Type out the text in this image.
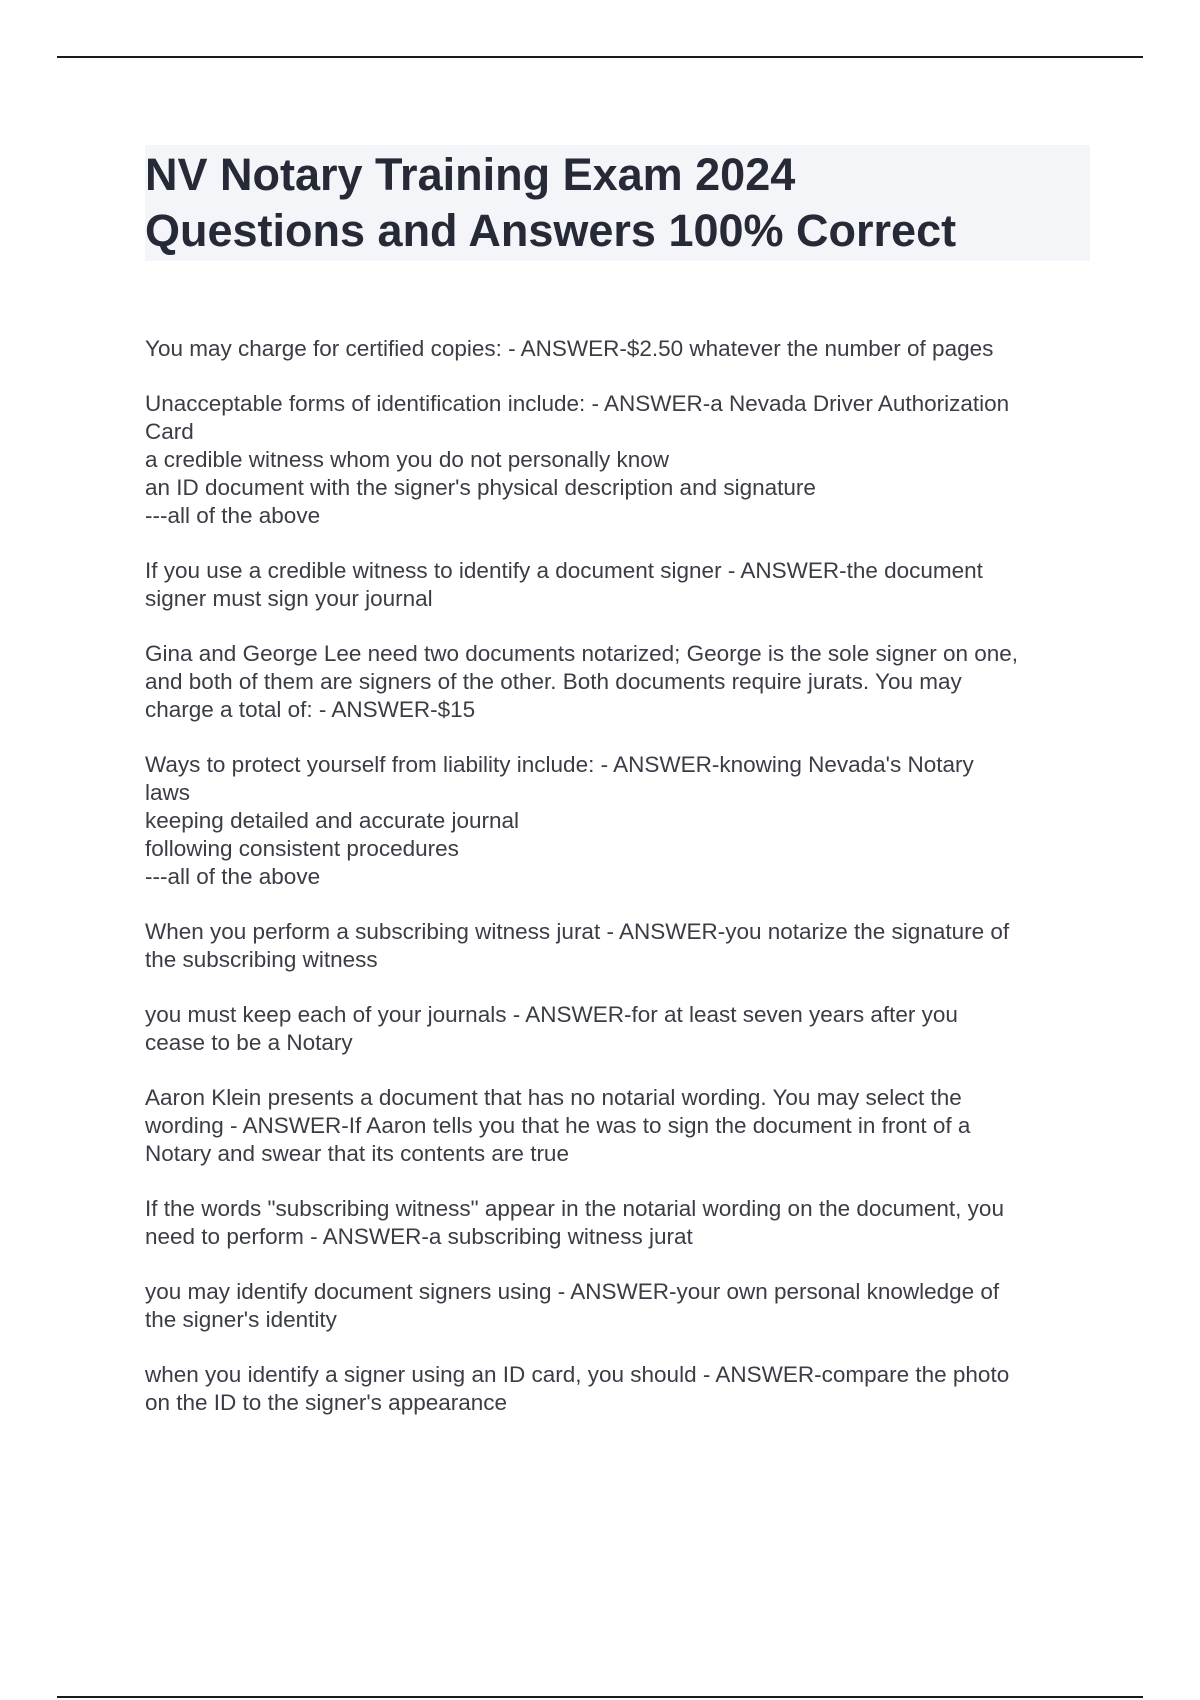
NV Notary Training Exam 2024
Questions and Answers 100% Correct
You may charge for certified copies: - ANSWER-$2.50 whatever the number of pages
Unacceptable forms of identification include: - ANSWER-a Nevada Driver Authorization
Card
a credible witness whom you do not personally know
an ID document with the signer's physical description and signature
---all of the above
If you use a credible witness to identify a document signer - ANSWER-the document
signer must sign your journal
Gina and George Lee need two documents notarized; George is the sole signer on one,
and both of them are signers of the other. Both documents require jurats. You may
charge a total of: - ANSWER-$15
Ways to protect yourself from liability include: - ANSWER-knowing Nevada's Notary
laws
keeping detailed and accurate journal
following consistent procedures
---all of the above
When you perform a subscribing witness jurat - ANSWER-you notarize the signature of
the subscribing witness
you must keep each of your journals - ANSWER-for at least seven years after you
cease to be a Notary
Aaron Klein presents a document that has no notarial wording. You may select the
wording - ANSWER-If Aaron tells you that he was to sign the document in front of a
Notary and swear that its contents are true
If the words "subscribing witness" appear in the notarial wording on the document, you
need to perform - ANSWER-a subscribing witness jurat
you may identify document signers using - ANSWER-your own personal knowledge of
the signer's identity
when you identify a signer using an ID card, you should - ANSWER-compare the photo
on the ID to the signer's appearance
